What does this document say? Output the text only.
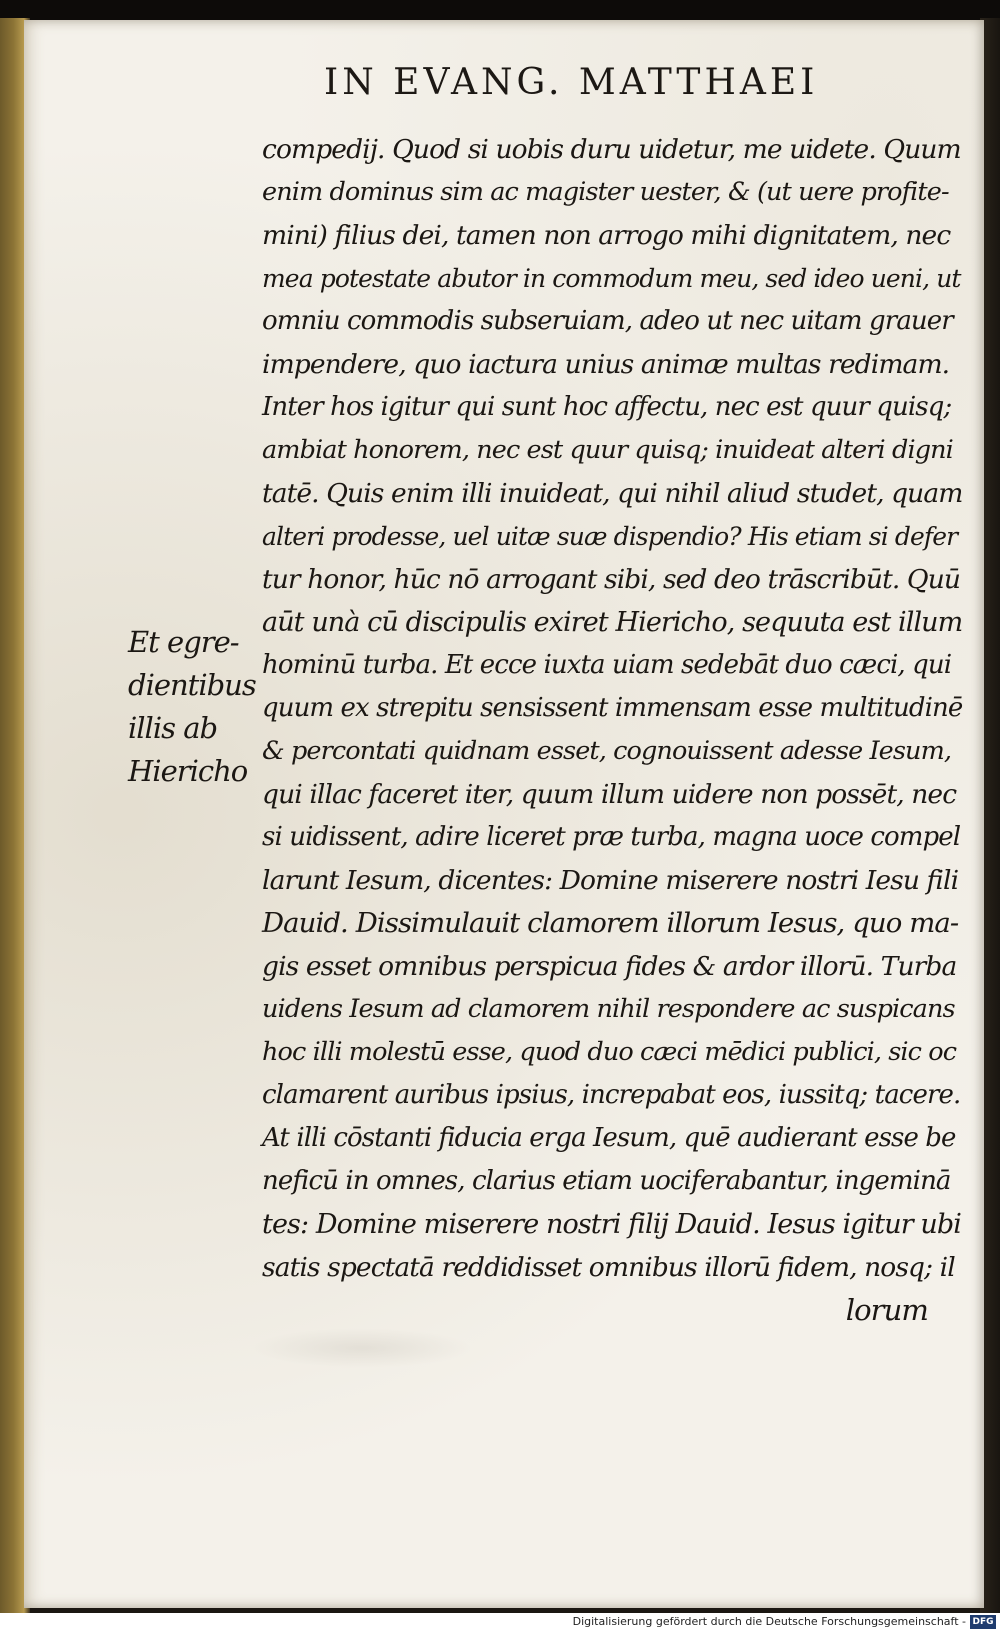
IN EVANG. MATTHAEI
compedij. Quod si uobis duru uidetur, me uidete. Quum
enim dominus sim ac magister uester, & (ut uere profite-
mini) filius dei, tamen non arrogo mihi dignitatem, nec
mea potestate abutor in commodum meu, sed ideo ueni, ut
omniu commodis subseruiam, adeo ut nec uitam grauer
impendere, quo iactura unius animæ multas redimam.
Inter hos igitur qui sunt hoc affectu, nec est quur quisq;
ambiat honorem, nec est quur quisq; inuideat alteri digni
tatē. Quis enim illi inuideat, qui nihil aliud studet, quam
alteri prodesse, uel uitæ suæ dispendio? His etiam si defer
tur honor, hūc nō arrogant sibi, sed deo trāscribūt. Quū
aūt unà cū discipulis exiret Hiericho, sequuta est illum
hominū turba. Et ecce iuxta uiam sedebāt duo cæci, qui
quum ex strepitu sensissent immensam esse multitudinē
& percontati quidnam esset, cognouissent adesse Iesum,
qui illac faceret iter, quum illum uidere non possēt, nec
si uidissent, adire liceret præ turba, magna uoce compel
larunt Iesum, dicentes: Domine miserere nostri Iesu fili
Dauid. Dissimulauit clamorem illorum Iesus, quo ma-
gis esset omnibus perspicua fides & ardor illorū. Turba
uidens Iesum ad clamorem nihil respondere ac suspicans
hoc illi molestū esse, quod duo cæci mēdici publici, sic oc
clamarent auribus ipsius, increpabat eos, iussitq; tacere.
At illi cōstanti fiducia erga Iesum, quē audierant esse be
neficū in omnes, clarius etiam uociferabantur, ingeminā
tes: Domine miserere nostri filij Dauid. Iesus igitur ubi
satis spectatā reddidisset omnibus illorū fidem, nosq; il
lorum
Et egre-
dientibus
illis ab
Hiericho
Digitalisierung gefördert durch die Deutsche Forschungsgemeinschaft - DFG
